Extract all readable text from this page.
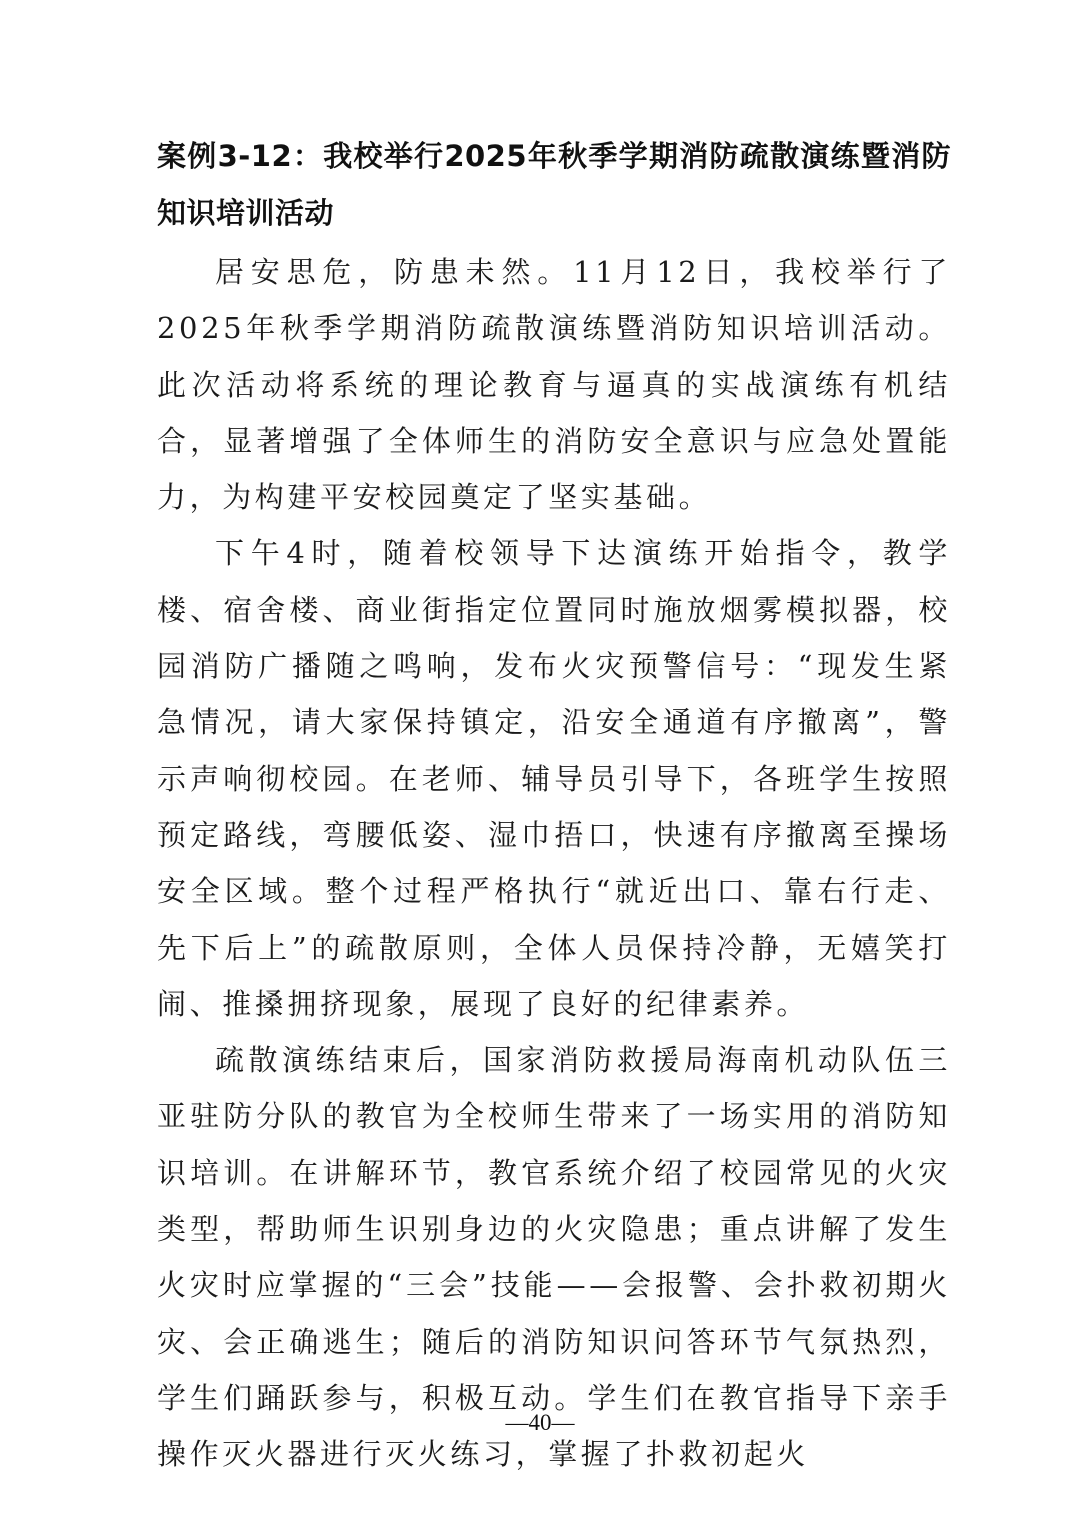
案例3-12：我校举行2025年秋季学期消防疏散演练暨消防知识培训活动

居安思危，防患未然。11月12日，我校举行了2025年秋季学期消防疏散演练暨消防知识培训活动。此次活动将系统的理论教育与逼真的实战演练有机结合，显著增强了全体师生的消防安全意识与应急处置能力，为构建平安校园奠定了坚实基础。

下午4时，随着校领导下达演练开始指令，教学楼、宿舍楼、商业街指定位置同时施放烟雾模拟器，校园消防广播随之鸣响，发布火灾预警信号：“现发生紧急情况，请大家保持镇定，沿安全通道有序撤离”，警示声响彻校园。在老师、辅导员引导下，各班学生按照预定路线，弯腰低姿、湿巾捂口，快速有序撤离至操场安全区域。整个过程严格执行“就近出口、靠右行走、先下后上”的疏散原则，全体人员保持冷静，无嬉笑打闹、推搡拥挤现象，展现了良好的纪律素养。

疏散演练结束后，国家消防救援局海南机动队伍三亚驻防分队的教官为全校师生带来了一场实用的消防知识培训。在讲解环节，教官系统介绍了校园常见的火灾类型，帮助师生识别身边的火灾隐患；重点讲解了发生火灾时应掌握的“三会”技能——会报警、会扑救初期火灾、会正确逃生；随后的消防知识问答环节气氛热烈，学生们踊跃参与，积极互动。学生们在教官指导下亲手操作灭火器进行灭火练习，掌握了扑救初起火

—40—
